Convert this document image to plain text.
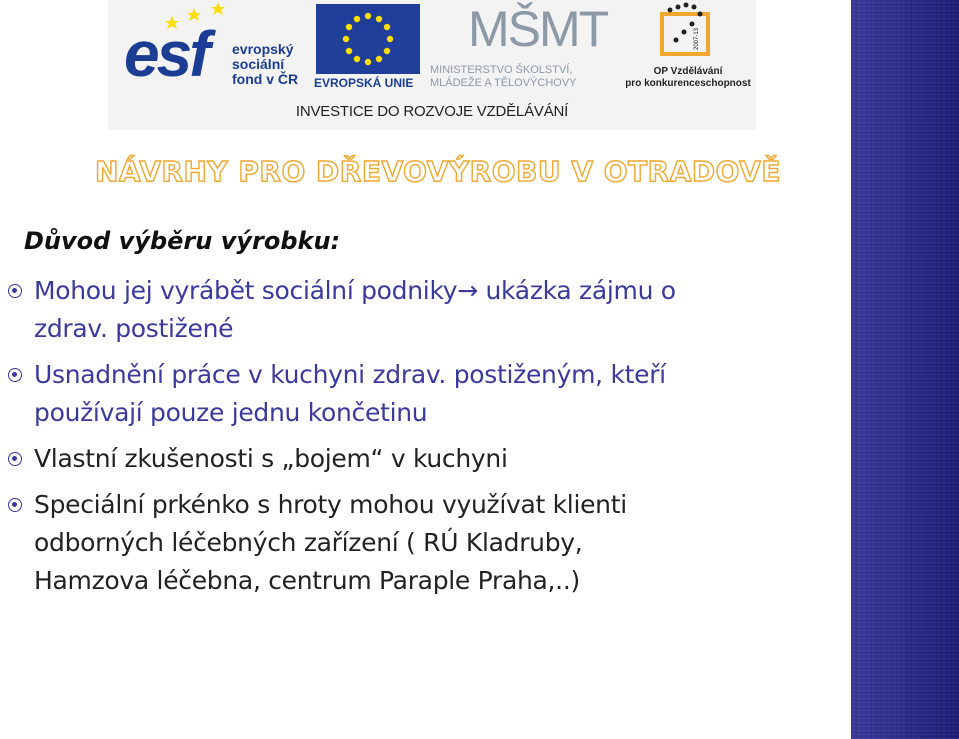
esf evropský
sociální
fond v ČR	EVROPSKÁ UNIE
MŠMT
MINISTERSTVO ŠKOLSTVÍ,
MLÁDEŽE A TĚLOVÝCHOVY
2007-13
OP Vzdělávání
pro konkurenceschopnost
INVESTICE DO ROZVOJE VZDĚLÁVÁNÍ
NÁVRHY PRO DŘEVOVÝROBU V OTRADOVĚ
Důvod výběru výrobku:
Mohou jej vyrábět sociální podniky→ ukázka zájmu o
zdrav. postižené
Usnadnění práce v kuchyni zdrav. postiženým, kteří
používají pouze jednu končetinu
Vlastní zkušenosti s „bojem“ v kuchyni
Speciální prkénko s hroty mohou využívat klienti
odborných léčebných zařízení ( RÚ Kladruby,
Hamzova léčebna, centrum Paraple Praha,..)
